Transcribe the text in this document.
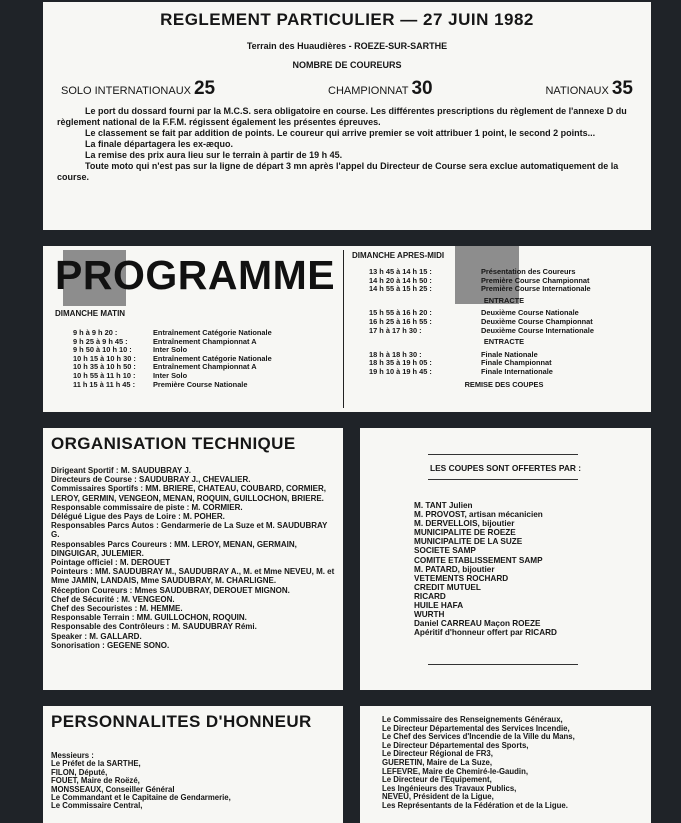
REGLEMENT PARTICULIER — 27 JUIN 1982
Terrain des Huaudières - ROEZE-SUR-SARTHE
NOMBRE DE COUREURS
SOLO INTERNATIONAUX 25	CHAMPIONNAT 30	NATIONAUX 35

Le port du dossard fourni par la M.C.S. sera obligatoire en course. Les différentes prescriptions du règlement de l'annexe D du règlement national de la F.F.M. régissent également les présentes épreuves.

Le classement se fait par addition de points. Le coureur qui arrive premier se voit attribuer 1 point, le second 2 points...

La finale départagera les ex-æquo.

La remise des prix aura lieu sur le terrain à partir de 19 h 45.

Toute moto qui n'est pas sur la ligne de départ 3 mn après l'appel du Directeur de Course sera exclue automatiquement de la course.

PROGRAMME
DIMANCHE MATIN
9 h à 9 h 20 :	Entraînement Catégorie Nationale
9 h 25 à 9 h 45 :	Entraînement Championnat A
9 h 50 à 10 h 10 :	Inter Solo
10 h 15 à 10 h 30 :	Entraînement Catégorie Nationale
10 h 35 à 10 h 50 :	Entraînement Championnat A
10 h 55 à 11 h 10 :	Inter Solo
11 h 15 à 11 h 45 :	Première Course Nationale
DIMANCHE APRES-MIDI
13 h 45 à 14 h 15 :	Présentation des Coureurs
14 h 20 à 14 h 50 :	Première Course Championnat
14 h 55 à 15 h 25 :	Première Course Internationale
ENTRACTE
15 h 55 à 16 h 20 :	Deuxième Course Nationale
16 h 25 à 16 h 55 :	Deuxième Course Championnat
17 h à 17 h 30 :	Deuxième Course Internationale
ENTRACTE
18 h à 18 h 30 :	Finale Nationale
18 h 35 à 19 h 05 :	Finale Championnat
19 h 10 à 19 h 45 :	Finale Internationale
REMISE DES COUPES
ORGANISATION TECHNIQUE
Dirigeant Sportif : M. SAUDUBRAY J.
Directeurs de Course : SAUDUBRAY J., CHEVALIER.
Commissaires Sportifs : MM. BRIERE, CHATEAU, COUBARD, CORMIER, LEROY, GERMIN, VENGEON, MENAN, ROQUIN, GUILLOCHON, BRIERE.
Responsable commissaire de piste : M. CORMIER.
Délégué Ligue des Pays de Loire : M. POHER.
Responsables Parcs Autos : Gendarmerie de La Suze et M. SAUDUBRAY G.
Responsables Parcs Coureurs : MM. LEROY, MENAN, GERMAIN, DINGUIGAR, JULEMIER.
Pointage officiel : M. DEROUET
Pointeurs : MM. SAUDUBRAY M., SAUDUBRAY A., M. et Mme NEVEU, M. et Mme JAMIN, LANDAIS, Mme SAUDUBRAY, M. CHARLIGNE.
Réception Coureurs : Mmes SAUDUBRAY, DEROUET MIGNON.
Chef de Sécurité : M. VENGEON.
Chef des Secouristes : M. HEMME.
Responsable Terrain : MM. GUILLOCHON, ROQUIN.
Responsable des Contrôleurs : M. SAUDUBRAY Rémi.
Speaker : M. GALLARD.
Sonorisation : GEGENE SONO.
LES COUPES SONT OFFERTES PAR :
M. TANT Julien
M. PROVOST, artisan mécanicien
M. DERVELLOIS, bijoutier
MUNICIPALITE DE ROEZE
MUNICIPALITE DE LA SUZE
SOCIETE SAMP
COMITE ETABLISSEMENT SAMP
M. PATARD, bijoutier
VETEMENTS ROCHARD
CREDIT MUTUEL
RICARD
HUILE HAFA
WURTH
Daniel CARREAU Maçon ROEZE
Apéritif d'honneur offert par RICARD
PERSONNALITES D'HONNEUR
Messieurs :
Le Préfet de la SARTHE,
FILON, Député,
FOUET, Maire de Roëzé,
MONSSEAUX, Conseiller Général
Le Commandant et le Capitaine de Gendarmerie,
Le Commissaire Central,
Le Commissaire des Renseignements Généraux,
Le Directeur Départemental des Services Incendie,
Le Chef des Services d'Incendie de la Ville du Mans,
Le Directeur Départemental des Sports,
Le Directeur Régional de FR3,
GUERETIN, Maire de La Suze,
LEFEVRE, Maire de Chemiré-le-Gaudin,
Le Directeur de l'Equipement,
Les Ingénieurs des Travaux Publics,
NEVEU, Président de la Ligue,
Les Représentants de la Fédération et de la Ligue.
